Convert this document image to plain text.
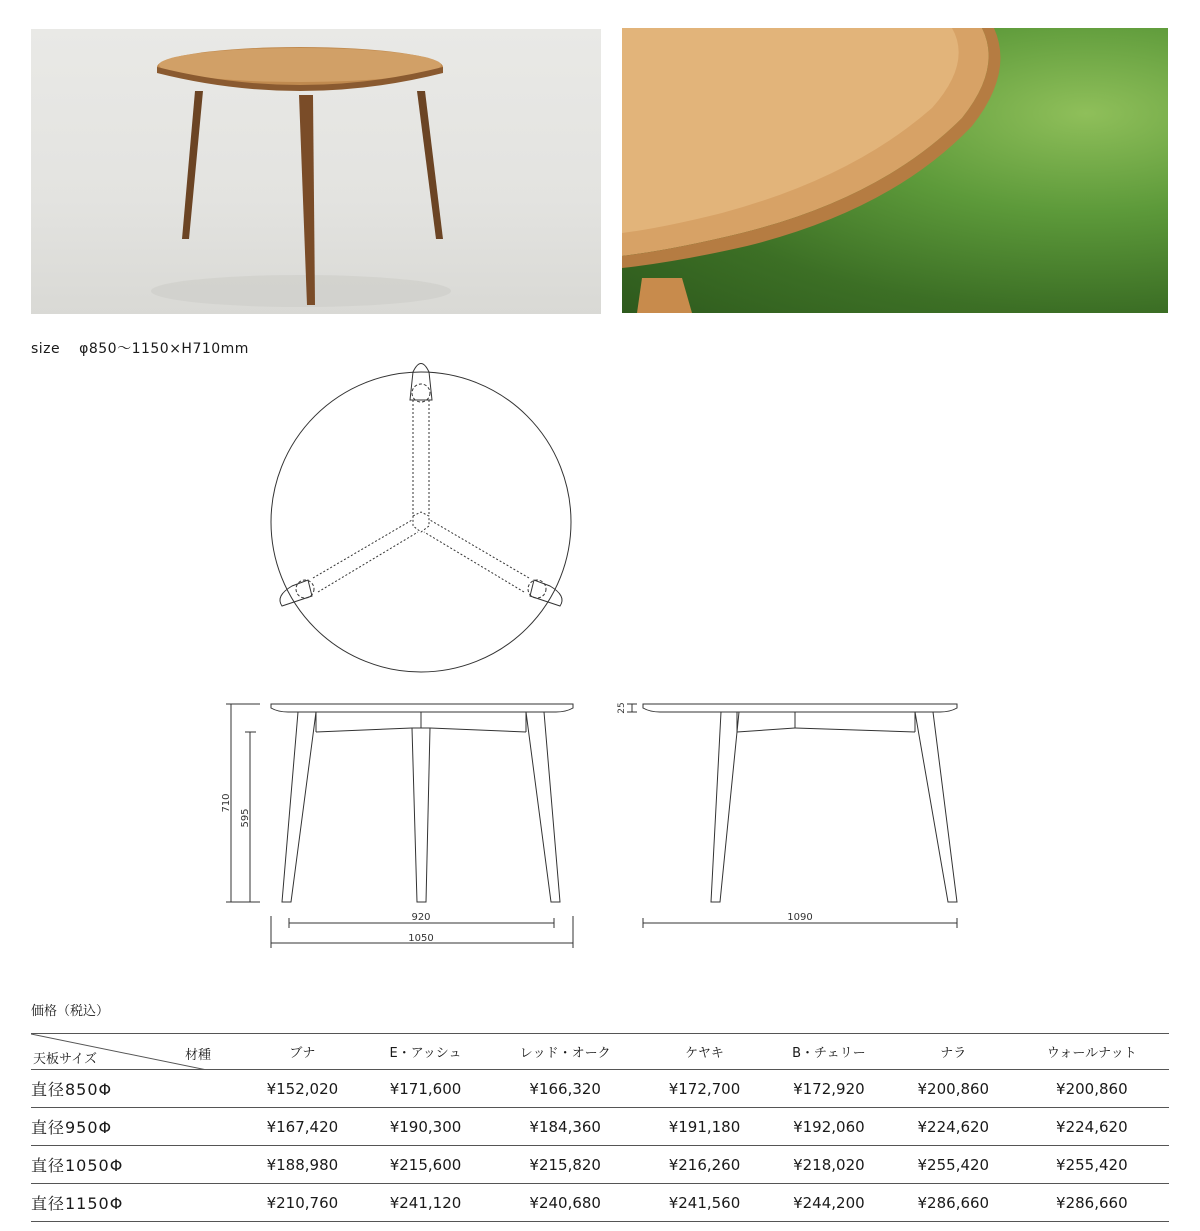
size φ850〜1150×H710mm
710
595
920
1050
25
1090
価格（税込）
材種
天板サイズ	ブナ	E・アッシュ	レッド・オーク	ケヤキ	B・チェリー	ナラ	ウォールナット
直径850Φ	¥152,020	¥171,600	¥166,320	¥172,700	¥172,920	¥200,860	¥200,860
直径950Φ	¥167,420	¥190,300	¥184,360	¥191,180	¥192,060	¥224,620	¥224,620
直径1050Φ	¥188,980	¥215,600	¥215,820	¥216,260	¥218,020	¥255,420	¥255,420
直径1150Φ	¥210,760	¥241,120	¥240,680	¥241,560	¥244,200	¥286,660	¥286,660
